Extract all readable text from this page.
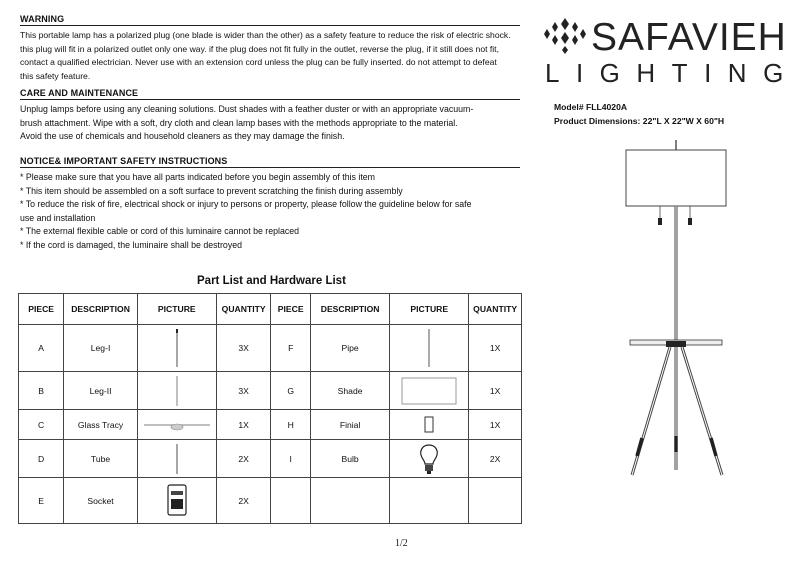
WARNING
This portable lamp has a polarized plug (one blade is wider than the other) as a safety feature to reduce the risk of electric shock.
this plug will fit in a polarized outlet only one way. if the plug does not fit fully in the outlet, reverse the plug, if it still does not fit,
contact a qualified electrician. Never use with an extension cord unless the plug can be fully inserted. do not attempt to defeat
this safety feature.
CARE AND MAINTENANCE
Unplug lamps before using any cleaning solutions. Dust shades with a feather duster or with an appropriate vacuum-
brush attachment. Wipe with a soft, dry cloth and clean lamp bases with the methods appropriate to the material.
Avoid the use of chemicals and household cleaners as they may damage the finish.
NOTICE& IMPORTANT SAFETY INSTRUCTIONS
* Please make sure that you have all parts indicated before you begin assembly of this item
* This item should be assembled on a soft surface to prevent scratching the finish during assembly
* To reduce the risk of fire, electrical shock or injury to persons or property, please follow the guideline below for safe
use and installation
* The external flexible cable or cord of this luminaire cannot be replaced
* If the cord is damaged, the luminaire shall be destroyed
SAFAVIEH
LIGHTING
Model# FLL4020A
Product Dimensions: 22"L X 22"W X 60"H
Part List and Hardware List
PIECE	DESCRIPTION	PICTURE	QUANTITY	PIECE	DESCRIPTION	PICTURE	QUANTITY
A	Leg-I		3X	F	Pipe		1X
B	Leg-II		3X	G	Shade		1X
C	Glass Tracy		1X	H	Finial		1X
D	Tube		2X	I	Bulb		2X
E	Socket		2X				
1/2
